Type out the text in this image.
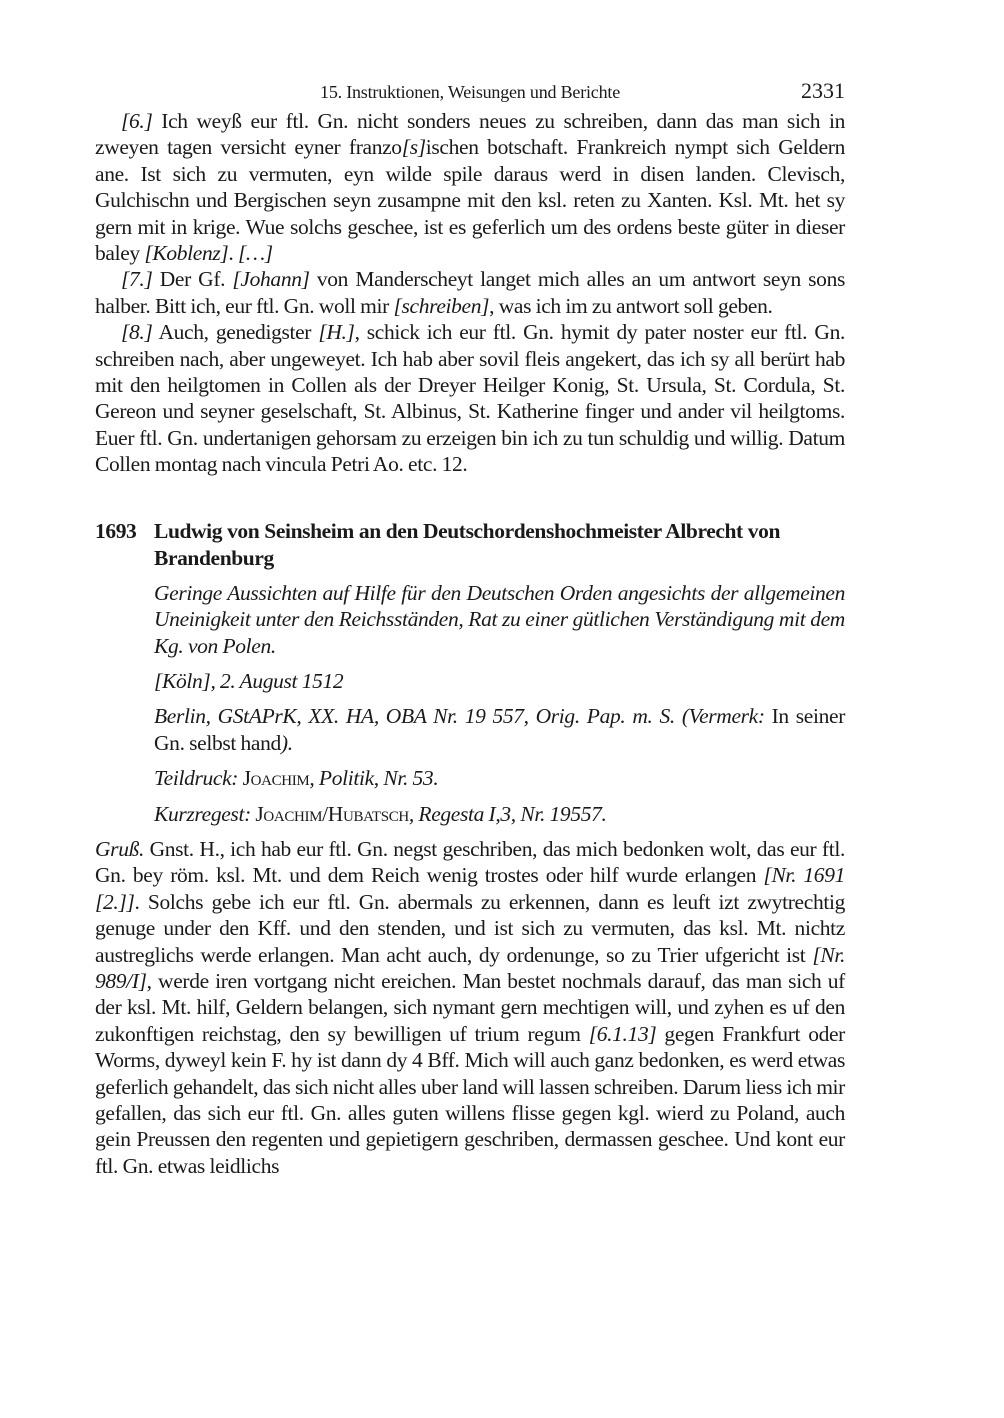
15. Instruktionen, Weisungen und Berichte	2331

[6.] Ich weyß eur ftl. Gn. nicht sonders neues zu schreiben, dann das man sich in zweyen tagen versicht eyner franzo[s]ischen botschaft. Frankreich nympt sich Geldern ane. Ist sich zu vermuten, eyn wilde spile daraus werd in disen landen. Clevisch, Gulchischn und Bergischen seyn zusampne mit den ksl. reten zu Xanten. Ksl. Mt. het sy gern mit in krige. Wue solchs geschee, ist es geferlich um des ordens beste güter in dieser baley [Koblenz]. […]

[7.] Der Gf. [Johann] von Manderscheyt langet mich alles an um antwort seyn sons halber. Bitt ich, eur ftl. Gn. woll mir [schreiben], was ich im zu antwort soll geben.

[8.] Auch, genedigster [H.], schick ich eur ftl. Gn. hymit dy pater noster eur ftl. Gn. schreiben nach, aber ungeweyet. Ich hab aber sovil fleis angekert, das ich sy all berürt hab mit den heilgtomen in Collen als der Dreyer Heilger Konig, St. Ursula, St. Cordula, St. Gereon und seyner geselschaft, St. Albinus, St. Katherine finger und ander vil heilgtoms. Euer ftl. Gn. undertanigen gehorsam zu erzeigen bin ich zu tun schuldig und willig. Datum Collen montag nach vincula Petri Ao. etc. 12.

1693 Ludwig von Seinsheim an den Deutschordenshochmeister Albrecht von Brandenburg

Geringe Aussichten auf Hilfe für den Deutschen Orden angesichts der allgemeinen Uneinigkeit unter den Reichsständen, Rat zu einer gütlichen Verständigung mit dem Kg. von Polen.

[Köln], 2. August 1512

Berlin, GStAPrK, XX. HA, OBA Nr. 19 557, Orig. Pap. m. S. (Vermerk: In seiner Gn. selbst hand).

Teildruck: Joachim, Politik, Nr. 53.

Kurzregest: Joachim/Hubatsch, Regesta I,3, Nr. 19557.

Gruß. Gnst. H., ich hab eur ftl. Gn. negst geschriben, das mich bedonken wolt, das eur ftl. Gn. bey röm. ksl. Mt. und dem Reich wenig trostes oder hilf wurde erlangen [Nr. 1691 [2.]]. Solchs gebe ich eur ftl. Gn. abermals zu erkennen, dann es leuft izt zwytrechtig genuge under den Kff. und den stenden, und ist sich zu vermuten, das ksl. Mt. nichtz austreglichs werde erlangen. Man acht auch, dy ordenunge, so zu Trier ufgericht ist [Nr. 989/I], werde iren vortgang nicht ereichen. Man bestet nochmals darauf, das man sich uf der ksl. Mt. hilf, Geldern belangen, sich nymant gern mechtigen will, und zyhen es uf den zukonftigen reichstag, den sy bewilligen uf trium regum [6.1.13] gegen Frankfurt oder Worms, dyweyl kein F. hy ist dann dy 4 Bff. Mich will auch ganz bedonken, es werd etwas geferlich gehandelt, das sich nicht alles uber land will lassen schreiben. Darum liess ich mir gefallen, das sich eur ftl. Gn. alles guten willens flisse gegen kgl. wierd zu Poland, auch gein Preussen den regenten und gepietigern geschriben, dermassen geschee. Und kont eur ftl. Gn. etwas leidlichs
